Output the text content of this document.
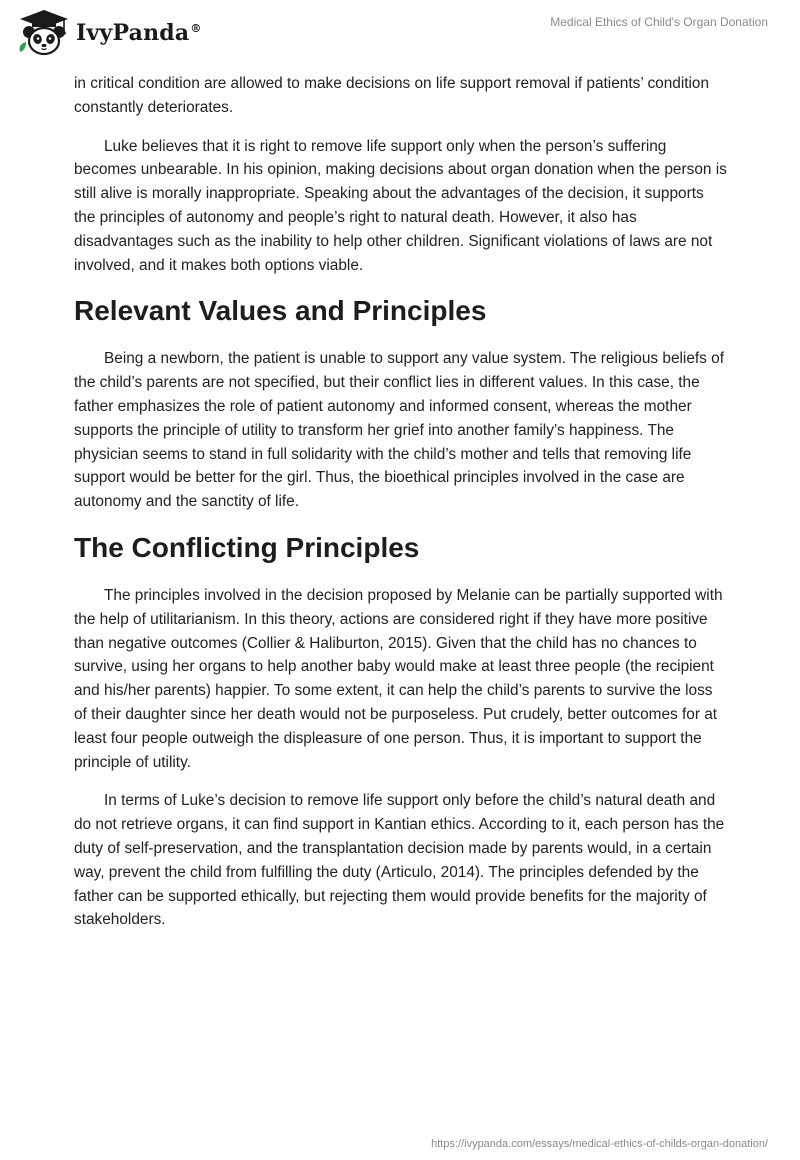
IvyPanda®	Medical Ethics of Child's Organ Donation

in critical condition are allowed to make decisions on life support removal if patients’ condition constantly deteriorates.

Luke believes that it is right to remove life support only when the person’s suffering becomes unbearable. In his opinion, making decisions about organ donation when the person is still alive is morally inappropriate. Speaking about the advantages of the decision, it supports the principles of autonomy and people’s right to natural death. However, it also has disadvantages such as the inability to help other children. Significant violations of laws are not involved, and it makes both options viable.

Relevant Values and Principles

Being a newborn, the patient is unable to support any value system. The religious beliefs of the child’s parents are not specified, but their conflict lies in different values. In this case, the father emphasizes the role of patient autonomy and informed consent, whereas the mother supports the principle of utility to transform her grief into another family’s happiness. The physician seems to stand in full solidarity with the child’s mother and tells that removing life support would be better for the girl. Thus, the bioethical principles involved in the case are autonomy and the sanctity of life.

The Conflicting Principles

The principles involved in the decision proposed by Melanie can be partially supported with the help of utilitarianism. In this theory, actions are considered right if they have more positive than negative outcomes (Collier & Haliburton, 2015). Given that the child has no chances to survive, using her organs to help another baby would make at least three people (the recipient and his/her parents) happier. To some extent, it can help the child’s parents to survive the loss of their daughter since her death would not be purposeless. Put crudely, better outcomes for at least four people outweigh the displeasure of one person. Thus, it is important to support the principle of utility.

In terms of Luke’s decision to remove life support only before the child’s natural death and do not retrieve organs, it can find support in Kantian ethics. According to it, each person has the duty of self-preservation, and the transplantation decision made by parents would, in a certain way, prevent the child from fulfilling the duty (Articulo, 2014). The principles defended by the father can be supported ethically, but rejecting them would provide benefits for the majority of stakeholders.

https://ivypanda.com/essays/medical-ethics-of-childs-organ-donation/
